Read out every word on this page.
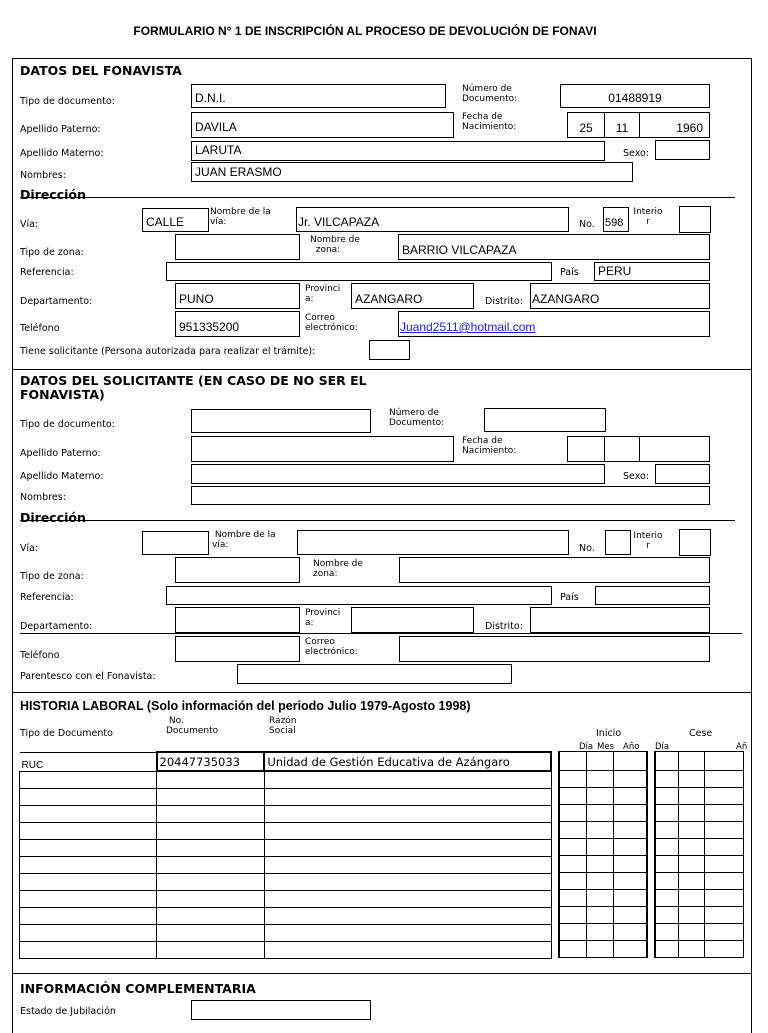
FORMULARIO N° 1 DE INSCRIPCIÓN AL PROCESO DE DEVOLUCIÓN DE FONAVI
DATOS DEL FONAVISTA
Tipo de documento:	D.N.I.
Número de
Documento:	01488919
Apellido Paterno:	DAVILA
Fecha de
Nacimiento:	25	11	1960
Apellido Materno:	LARUTA	Sexo:
Nombres:	JUAN ERASMO
Dirección
Vía:	CALLE
Nombre de la
vía:	Jr. VILCAPAZA	No. 598
Interio
r
Tipo de zona:
Nombre de
zona:	BARRIO VILCAPAZA
Referencia:	País	PERU
Departamento:	PUNO
Provinci
a:	AZANGARO	Distrito: AZANGARO
Teléfono	951335200
Correo
electrónico:	Juand2511@hotmail.com
Tiene solicitante (Persona autorizada para realizar el trámite):
DATOS DEL SOLICITANTE (EN CASO DE NO SER EL
FONAVISTA)
Tipo de documento:
Número de
Documento:
Apellido Paterno:
Fecha de
Nacimiento:
Apellido Materno:	Sexo:
Nombres:
Dirección
Vía:
Nombre de la
vía:	No.
Interio
r
Tipo de zona:
Nombre de
zona:
Referencia:	País
Departamento:
Provinci
a:	Distrito:
Teléfono
Correo
electrónico:
Parentesco con el Fonavista:
HISTORIA LABORAL (Solo información del periodo Julio 1979-Agosto 1998)
Tipo de Documento
No.
Documento
Razón
Social	Inicio	Cese
Día Mes Año Día	Añ
RUC	20447735033	Unidad de Gestión Educativa de Azángaro

INFORMACIÓN COMPLEMENTARIA
Estado de Jubilación
